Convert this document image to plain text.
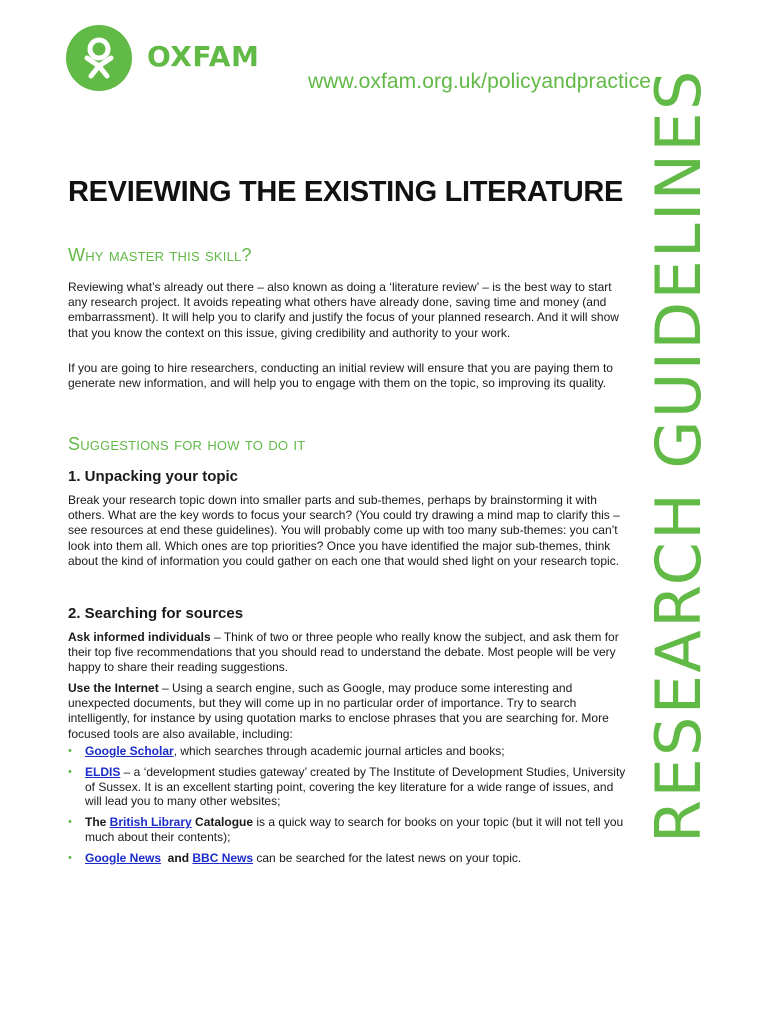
OXFAM
www.oxfam.org.uk/policyandpractice
RESEARCH GUIDELINES
REVIEWING THE EXISTING LITERATURE
Why master this skill?

Reviewing what’s already out there – also known as doing a ‘literature review’ – is the best way to start any research project. It avoids repeating what others have already done, saving time and money (and embarrassment). It will help you to clarify and justify the focus of your planned research. And it will show that you know the context on this issue, giving credibility and authority to your work.

If you are going to hire researchers, conducting an initial review will ensure that you are paying them to generate new information, and will help you to engage with them on the topic, so improving its quality.

Suggestions for how to do it
1. Unpacking your topic

Break your research topic down into smaller parts and sub-themes, perhaps by brainstorming it with others. What are the key words to focus your search? (You could try drawing a mind map to clarify this – see resources at end these guidelines). You will probably come up with too many sub-themes: you can’t look into them all. Which ones are top priorities? Once you have identified the major sub-themes, think about the kind of information you could gather on each one that would shed light on your research topic.

2. Searching for sources

Ask informed individuals – Think of two or three people who really know the subject, and ask them for their top five recommendations that you should read to understand the debate. Most people will be very happy to share their reading suggestions.

Use the Internet – Using a search engine, such as Google, may produce some interesting and unexpected documents, but they will come up in no particular order of importance. Try to search intelligently, for instance by using quotation marks to enclose phrases that you are searching for. More focused tools are also available, including:

• Google Scholar, which searches through academic journal articles and books;
• ELDIS – a ‘development studies gateway’ created by The Institute of Development Studies, University of Sussex. It is an excellent starting point, covering the key literature for a wide range of issues, and will lead you to many other websites;
• The British Library Catalogue is a quick way to search for books on your topic (but it will not tell you much about their contents);
• Google News  and BBC News can be searched for the latest news on your topic.
